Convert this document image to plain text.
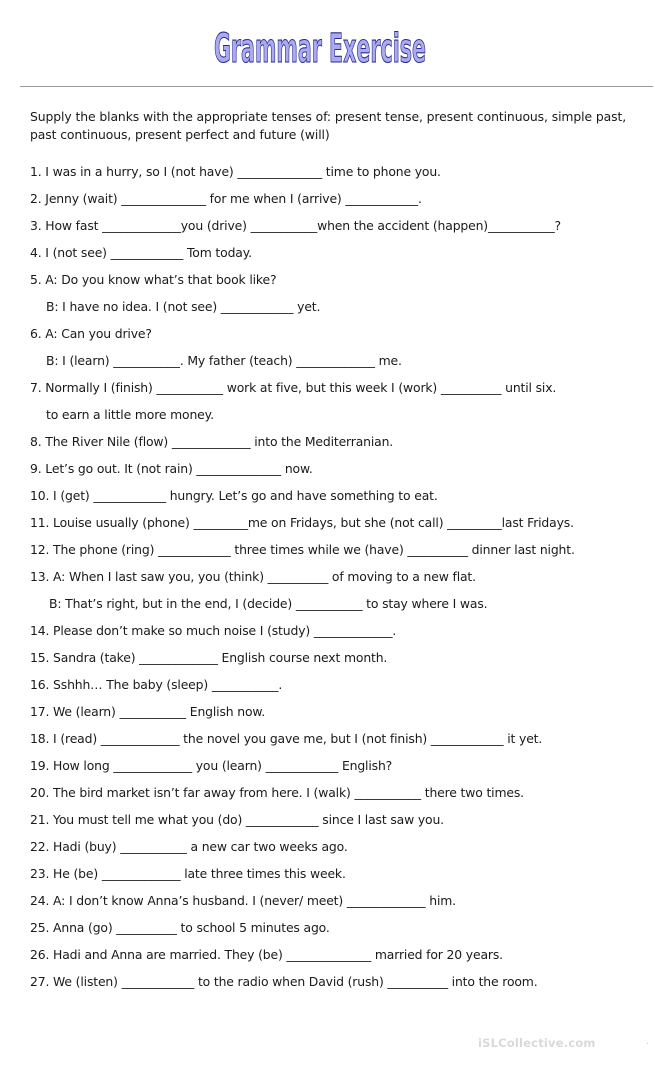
Grammar Exercise
Supply the blanks with the appropriate tenses of: present tense, present continuous, simple past, past continuous, present perfect and future (will)
1. I was in a hurry, so I (not have) ______________ time to phone you.
2. Jenny (wait) ______________ for me when I (arrive) ____________.
3. How fast _____________you (drive) ___________when the accident (happen)___________?
4. I (not see) ____________ Tom today.
5. A: Do you know what’s that book like?
B: I have no idea. I (not see) ____________ yet.
6. A: Can you drive?
B: I (learn) ___________. My father (teach) _____________ me.
7. Normally I (finish) ___________ work at five, but this week I (work) __________ until six.
to earn a little more money.
8. The River Nile (flow) _____________ into the Mediterranian.
9. Let’s go out. It (not rain) ______________ now.
10. I (get) ____________ hungry. Let’s go and have something to eat.
11. Louise usually (phone) _________me on Fridays, but she (not call) _________last Fridays.
12. The phone (ring) ____________ three times while we (have) __________ dinner last night.
13. A: When I last saw you, you (think) __________ of moving to a new flat.
B: That’s right, but in the end, I (decide) ___________ to stay where I was.
14. Please don’t make so much noise I (study) _____________.
15. Sandra (take) _____________ English course next month.
16. Sshhh… The baby (sleep) ___________.
17. We (learn) ___________ English now.
18. I (read) _____________ the novel you gave me, but I (not finish) ____________ it yet.
19. How long _____________ you (learn) ____________ English?
20. The bird market isn’t far away from here. I (walk) ___________ there two times.
21. You must tell me what you (do) ____________ since I last saw you.
22. Hadi (buy) ___________ a new car two weeks ago.
23. He (be) _____________ late three times this week.
24. A: I don’t know Anna’s husband. I (never/ meet) _____________ him.
25. Anna (go) __________ to school 5 minutes ago.
26. Hadi and Anna are married. They (be) ______________ married for 20 years.
27. We (listen) ____________ to the radio when David (rush) __________ into the room.
iSLCollective.com	.
